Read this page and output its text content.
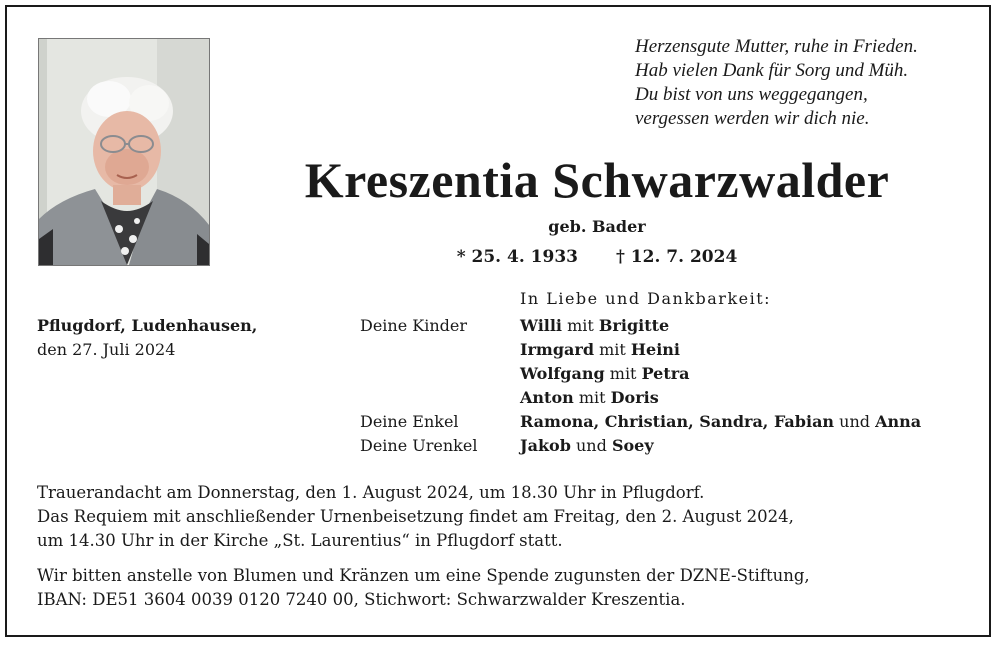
Herzensgute Mutter, ruhe in Frieden.
Hab vielen Dank für Sorg und Müh.
Du bist von uns weggegangen,
vergessen werden wir dich nie.
Kreszentia Schwarzwalder
geb. Bader
* 25. 4. 1933 † 12. 7. 2024
Pflugdorf, Ludenhausen,
den 27. Juli 2024
In Liebe und Dankbarkeit:
Deine Kinder	Willi mit Brigitte
Irmgard mit Heini
Wolfgang mit Petra
Anton mit Doris
Deine Enkel	Ramona, Christian, Sandra, Fabian und Anna
Deine Urenkel	Jakob und Soey
Trauerandacht am Donnerstag, den 1. August 2024, um 18.30 Uhr in Pflugdorf.
Das Requiem mit anschließender Urnenbeisetzung findet am Freitag, den 2. August 2024,
um 14.30 Uhr in der Kirche „St. Laurentius“ in Pflugdorf statt.
Wir bitten anstelle von Blumen und Kränzen um eine Spende zugunsten der DZNE-Stiftung,
IBAN: DE51 3604 0039 0120 7240 00, Stichwort: Schwarzwalder Kreszentia.
